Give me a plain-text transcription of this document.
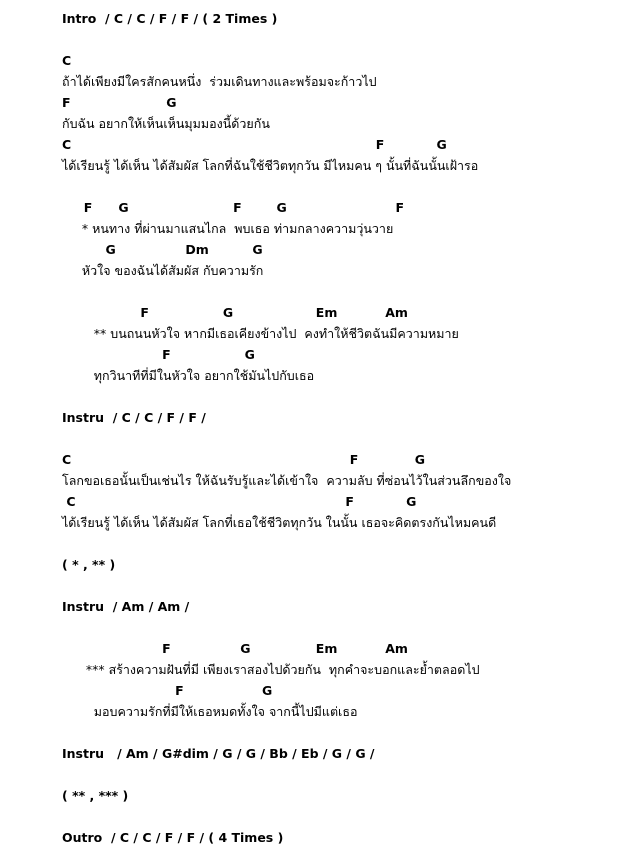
Intro  / C / C / F / F / ( 2 Times )
C
ถ้าได้เพียงมีใครสักคนหนึ่ง  ร่วมเดินทางและพร้อมจะก้าวไป
F                      G
กับฉัน อยากให้เห็นเห็นมุมมองนี้ด้วยกัน
C                                                                      F            G
ได้เรียนรู้ ได้เห็น ได้สัมผัส โลกที่ฉันใช้ชีวิตทุกวัน มีไหมคน ๆ นั้นที่ฉันนั้นเฝ้ารอ
F      G                        F        G                         F
* หนทาง ที่ผ่านมาแสนไกล  พบเธอ ท่ามกลางความวุ่นวาย
G                Dm          G
หัวใจ ของฉันได้สัมผัส กับความรัก
F                 G                   Em           Am
** บนถนนหัวใจ หากมีเธอเคียงข้างไป  คงทำให้ชีวิตฉันมีความหมาย
F                 G
ทุกวินาทีที่มีในหัวใจ อยากใช้มันไปกับเธอ
Instru  / C / C / F / F /
C                                                                F             G
โลกขอเธอนั้นเป็นเช่นไร ให้ฉันรับรู้และได้เข้าใจ  ความลับ ที่ซ่อนไว้ในส่วนลึกของใจ
C                                                              F            G
ได้เรียนรู้ ได้เห็น ได้สัมผัส โลกที่เธอใช้ชีวิตทุกวัน ในนั้น เธอจะคิดตรงกันไหมคนดี
( * , ** )
Instru  / Am / Am /
F                G               Em           Am
*** สร้างความฝันที่มี เพียงเราสองไปด้วยกัน  ทุกคำจะบอกและย้ำตลอดไป
F                  G
มอบความรักที่มีให้เธอหมดทั้งใจ จากนี้ไปมีแต่เธอ
Instru   / Am / G#dim / G / G / Bb / Eb / G / G /
( ** , *** )
Outro  / C / C / F / F / ( 4 Times )
